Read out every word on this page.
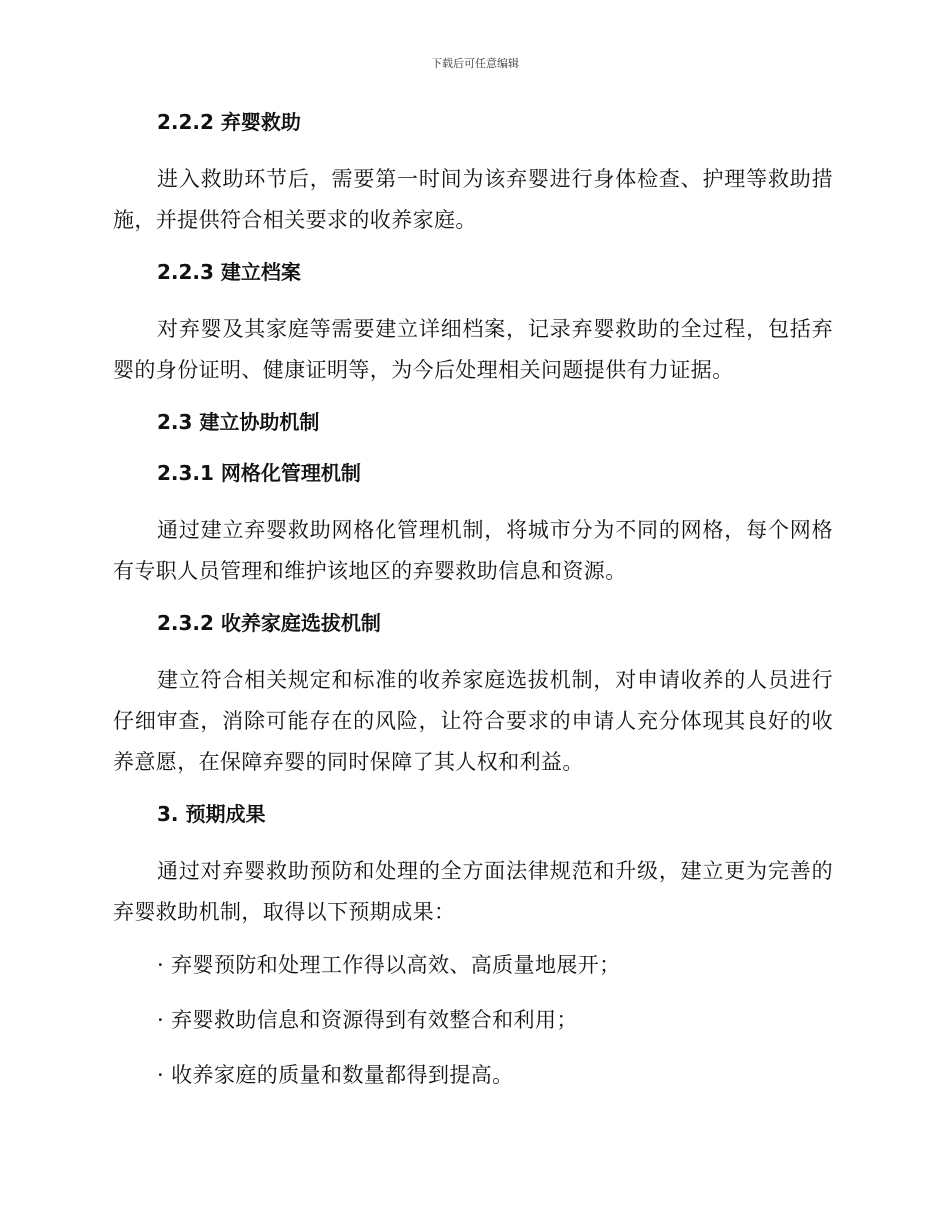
下载后可任意编辑
2.2.2 弃婴救助
进入救助环节后，需要第一时间为该弃婴进行身体检查、护理等救助措施，并提供符合相关要求的收养家庭。
2.2.3 建立档案
对弃婴及其家庭等需要建立详细档案，记录弃婴救助的全过程，包括弃婴的身份证明、健康证明等，为今后处理相关问题提供有力证据。
2.3 建立协助机制
2.3.1 网格化管理机制
通过建立弃婴救助网格化管理机制，将城市分为不同的网格，每个网格有专职人员管理和维护该地区的弃婴救助信息和资源。
2.3.2 收养家庭选拔机制
建立符合相关规定和标准的收养家庭选拔机制，对申请收养的人员进行仔细审查，消除可能存在的风险，让符合要求的申请人充分体现其良好的收养意愿，在保障弃婴的同时保障了其人权和利益。
3. 预期成果
通过对弃婴救助预防和处理的全方面法律规范和升级，建立更为完善的弃婴救助机制，取得以下预期成果：
· 弃婴预防和处理工作得以高效、高质量地展开；
· 弃婴救助信息和资源得到有效整合和利用；
· 收养家庭的质量和数量都得到提高。
